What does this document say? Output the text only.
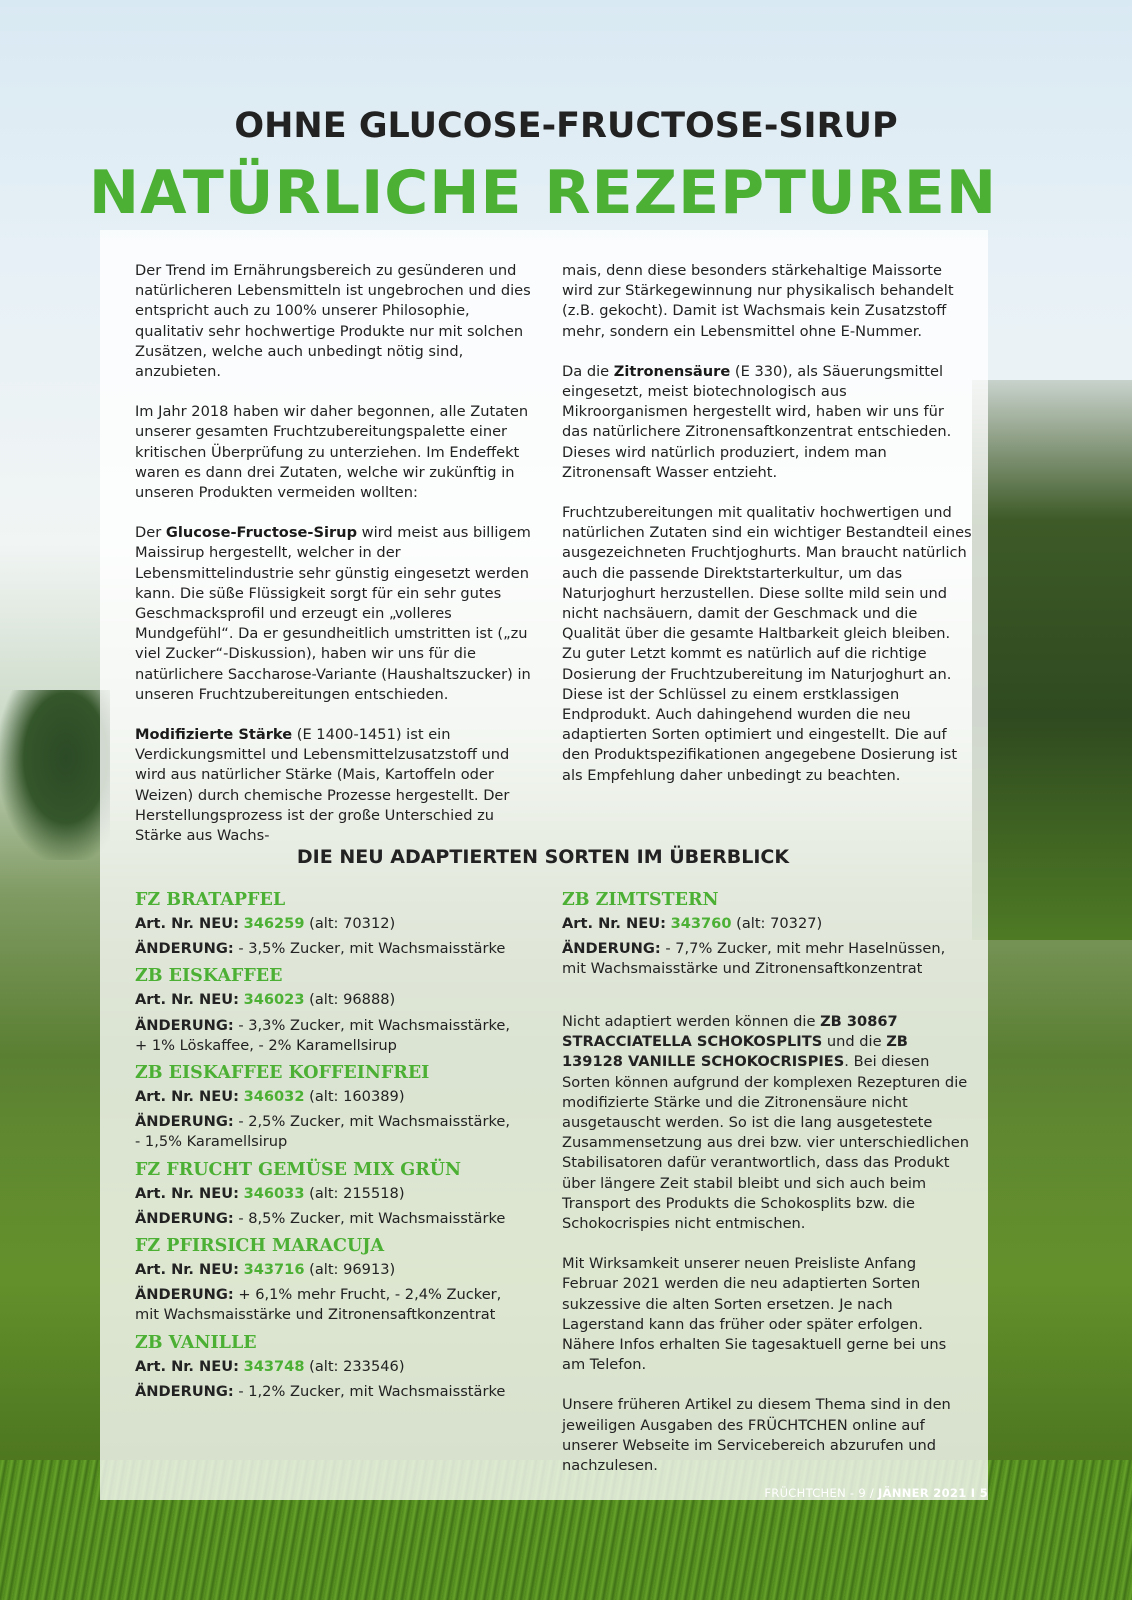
OHNE GLUCOSE-FRUCTOSE-SIRUP
NATÜRLICHE REZEPTUREN

Der Trend im Ernährungsbereich zu gesünderen und natürlicheren Lebensmitteln ist ungebrochen und dies entspricht auch zu 100% unserer Philosophie, qualitativ sehr hochwertige Produkte nur mit solchen Zusätzen, welche auch unbedingt nötig sind, anzubieten.

Im Jahr 2018 haben wir daher begonnen, alle Zutaten unserer gesamten Fruchtzubereitungspalette einer kritischen Überprüfung zu unterziehen. Im Endeffekt waren es dann drei Zutaten, welche wir zukünftig in unseren Produkten vermeiden wollten:

Der Glucose-Fructose-Sirup wird meist aus billigem Maissirup hergestellt, welcher in der Lebensmittelindustrie sehr günstig eingesetzt werden kann. Die süße Flüssigkeit sorgt für ein sehr gutes Geschmacksprofil und erzeugt ein „volleres Mundgefühl“. Da er gesundheitlich umstritten ist („zu viel Zucker“-Diskussion), haben wir uns für die natürlichere Saccharose-Variante (Haushaltszucker) in unseren Fruchtzubereitungen entschieden.

Modifizierte Stärke (E 1400-1451) ist ein Verdickungsmittel und Lebensmittelzusatzstoff und wird aus natürlicher Stärke (Mais, Kartoffeln oder Weizen) durch chemische Prozesse hergestellt. Der Herstellungsprozess ist der große Unterschied zu Stärke aus Wachs-

mais, denn diese besonders stärkehaltige Maissorte wird zur Stärkegewinnung nur physikalisch behandelt (z.B. gekocht). Damit ist Wachsmais kein Zusatzstoff mehr, sondern ein Lebensmittel ohne E-Nummer.

Da die Zitronensäure (E 330), als Säuerungsmittel eingesetzt, meist biotechnologisch aus Mikroorganismen hergestellt wird, haben wir uns für das natürlichere Zitronensaftkonzentrat entschieden. Dieses wird natürlich produziert, indem man Zitronensaft Wasser entzieht.

Fruchtzubereitungen mit qualitativ hochwertigen und natürlichen Zutaten sind ein wichtiger Bestandteil eines ausgezeichneten Fruchtjoghurts. Man braucht natürlich auch die passende Direktstarterkultur, um das Naturjoghurt herzustellen. Diese sollte mild sein und nicht nachsäuern, damit der Geschmack und die Qualität über die gesamte Haltbarkeit gleich bleiben. Zu guter Letzt kommt es natürlich auf die richtige Dosierung der Fruchtzubereitung im Naturjoghurt an. Diese ist der Schlüssel zu einem erstklassigen Endprodukt. Auch dahingehend wurden die neu adaptierten Sorten optimiert und eingestellt. Die auf den Produktspezifikationen angegebene Dosierung ist als Empfehlung daher unbedingt zu beachten.

DIE NEU ADAPTIERTEN SORTEN IM ÜBERBLICK
FZ BRATAPFEL
Art. Nr. NEU: 346259 (alt: 70312)
ÄNDERUNG: - 3,5% Zucker, mit Wachsmaisstärke
ZB EISKAFFEE
Art. Nr. NEU: 346023 (alt: 96888)
ÄNDERUNG: - 3,3% Zucker, mit Wachsmaisstärke, + 1% Löskaffee, - 2% Karamellsirup
ZB EISKAFFEE KOFFEINFREI
Art. Nr. NEU: 346032 (alt: 160389)
ÄNDERUNG: - 2,5% Zucker, mit Wachsmaisstärke, - 1,5% Karamellsirup
FZ FRUCHT GEMÜSE MIX GRÜN
Art. Nr. NEU: 346033 (alt: 215518)
ÄNDERUNG: - 8,5% Zucker, mit Wachsmaisstärke
FZ PFIRSICH MARACUJA
Art. Nr. NEU: 343716 (alt: 96913)
ÄNDERUNG: + 6,1% mehr Frucht, - 2,4% Zucker, mit Wachsmaisstärke und Zitronensaftkonzentrat
ZB VANILLE
Art. Nr. NEU: 343748 (alt: 233546)
ÄNDERUNG: - 1,2% Zucker, mit Wachsmaisstärke
ZB ZIMTSTERN
Art. Nr. NEU: 343760 (alt: 70327)
ÄNDERUNG: - 7,7% Zucker, mit mehr Haselnüssen, mit Wachsmaisstärke und Zitronensaftkonzentrat

Nicht adaptiert werden können die ZB 30867 STRACCIATELLA SCHOKOSPLITS und die ZB 139128 VANILLE SCHOKOCRISPIES. Bei diesen Sorten können aufgrund der komplexen Rezepturen die modifizierte Stärke und die Zitronensäure nicht ausgetauscht werden. So ist die lang ausgetestete Zusammensetzung aus drei bzw. vier unterschiedlichen Stabilisatoren dafür verantwortlich, dass das Produkt über längere Zeit stabil bleibt und sich auch beim Transport des Produkts die Schokosplits bzw. die Schokocrispies nicht entmischen.

Mit Wirksamkeit unserer neuen Preisliste Anfang Februar 2021 werden die neu adaptierten Sorten sukzessive die alten Sorten ersetzen. Je nach Lagerstand kann das früher oder später erfolgen. Nähere Infos erhalten Sie tagesaktuell gerne bei uns am Telefon.

Unsere früheren Artikel zu diesem Thema sind in den jeweiligen Ausgaben des FRÜCHTCHEN online auf unserer Webseite im Servicebereich abzurufen und nachzulesen.

FRÜCHTCHEN - 9 / JÄNNER 2021 I 5
